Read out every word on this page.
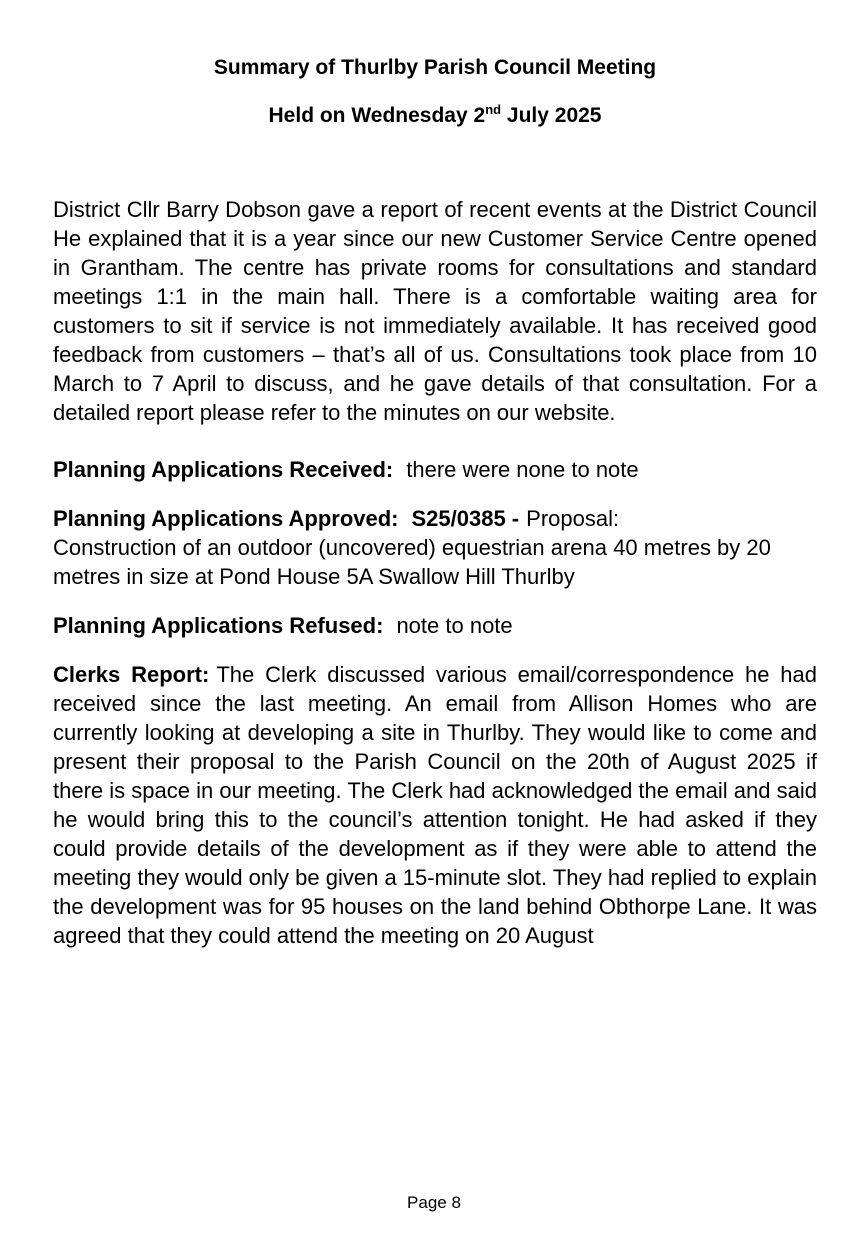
Summary of Thurlby Parish Council Meeting
Held on Wednesday 2nd July 2025

District Cllr Barry Dobson gave a report of recent events at the District Council He explained that it is a year since our new Customer Service Centre opened in Grantham. The centre has private rooms for consultations and standard meetings 1:1 in the main hall. There is a comfortable waiting area for customers to sit if service is not immediately available. It has received good feedback from customers – that’s all of us. Consultations took place from 10 March to 7 April to discuss, and he gave details of that consultation. For a detailed report please refer to the minutes on our website.

Planning Applications Received: there were none to note

Planning Applications Approved: S25/0385 - Proposal:
Construction of an outdoor (uncovered) equestrian arena 40 metres by 20 metres in size at Pond House 5A Swallow Hill Thurlby

Planning Applications Refused: note to note

Clerks Report: The Clerk discussed various email/correspondence he had received since the last meeting. An email from Allison Homes who are currently looking at developing a site in Thurlby. They would like to come and present their proposal to the Parish Council on the 20th of August 2025 if there is space in our meeting. The Clerk had acknowledged the email and said he would bring this to the council’s attention tonight. He had asked if they could provide details of the development as if they were able to attend the meeting they would only be given a 15-minute slot. They had replied to explain the development was for 95 houses on the land behind Obthorpe Lane. It was agreed that they could attend the meeting on 20 August

Page 8
